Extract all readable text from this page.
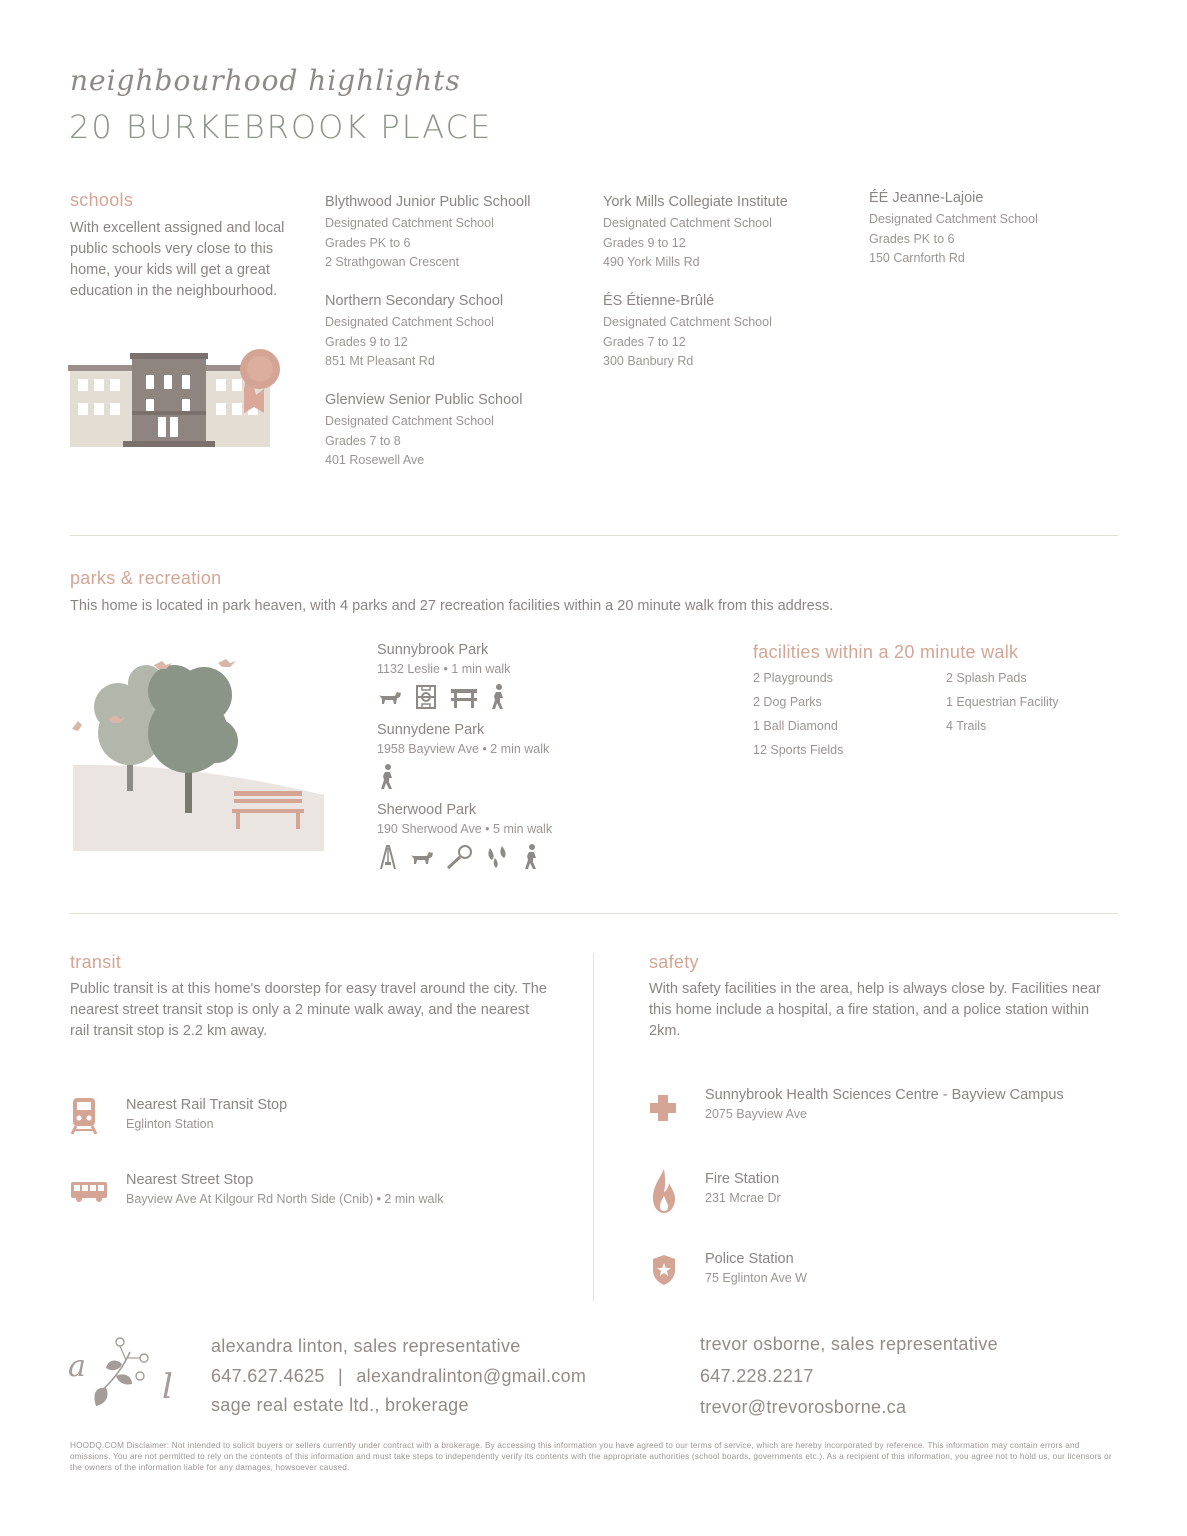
neighbourhood highlights
20 BURKEBROOK PLACE
schools
With excellent assigned and local public schools very close to this home, your kids will get a great education in the neighbourhood.
Blythwood Junior Public Schooll
Designated Catchment School
Grades PK to 6
2 Strathgowan Crescent
Northern Secondary School
Designated Catchment School
Grades 9 to 12
851 Mt Pleasant Rd
Glenview Senior Public School
Designated Catchment School
Grades 7 to 8
401 Rosewell Ave
York Mills Collegiate Institute
Designated Catchment School
Grades 9 to 12
490 York Mills Rd
ÉS Étienne-Brûlé
Designated Catchment School
Grades 7 to 12
300 Banbury Rd
ÉÉ Jeanne-Lajoie
Designated Catchment School
Grades PK to 6
150 Carnforth Rd
parks & recreation
This home is located in park heaven, with 4 parks and 27 recreation facilities within a 20 minute walk from this address.
Sunnybrook Park
1132 Leslie • 1 min walk

Sunnydene Park
1958 Bayview Ave • 2 min walk
Sherwood Park
190 Sherwood Ave • 5 min walk

facilities within a 20 minute walk
2 Playgrounds
2 Dog Parks
1 Ball Diamond
12 Sports Fields
2 Splash Pads
1 Equestrian Facility
4 Trails
transit
Public transit is at this home's doorstep for easy travel around the city. The nearest street transit stop is only a 2 minute walk away, and the nearest rail transit stop is 2.2 km away.
Nearest Rail Transit Stop
Eglinton Station
Nearest Street Stop
Bayview Ave At Kilgour Rd North Side (Cnib) • 2 min walk
safety
With safety facilities in the area, help is always close by. Facilities near this home include a hospital, a fire station, and a police station within 2km.
Sunnybrook Health Sciences Centre - Bayview Campus
2075 Bayview Ave
Fire Station
231 Mcrae Dr
Police Station
75 Eglinton Ave W
a
l
alexandra linton, sales representative
647.627.4625 | alexandralinton@gmail.com
sage real estate ltd., brokerage
trevor osborne, sales representative
647.228.2217
trevor@trevorosborne.ca
HOODQ.COM Disclaimer: Not intended to solicit buyers or sellers currently under contract with a brokerage. By accessing this information you have agreed to our terms of service, which are hereby incorporated by reference. This information may contain errors and omissions. You are not permitted to rely on the contents of this information and must take steps to independently verify its contents with the appropriate authorities (school boards, governments etc.). As a recipient of this information, you agree not to hold us, our licensors or the owners of the information liable for any damages, howsoever caused.
